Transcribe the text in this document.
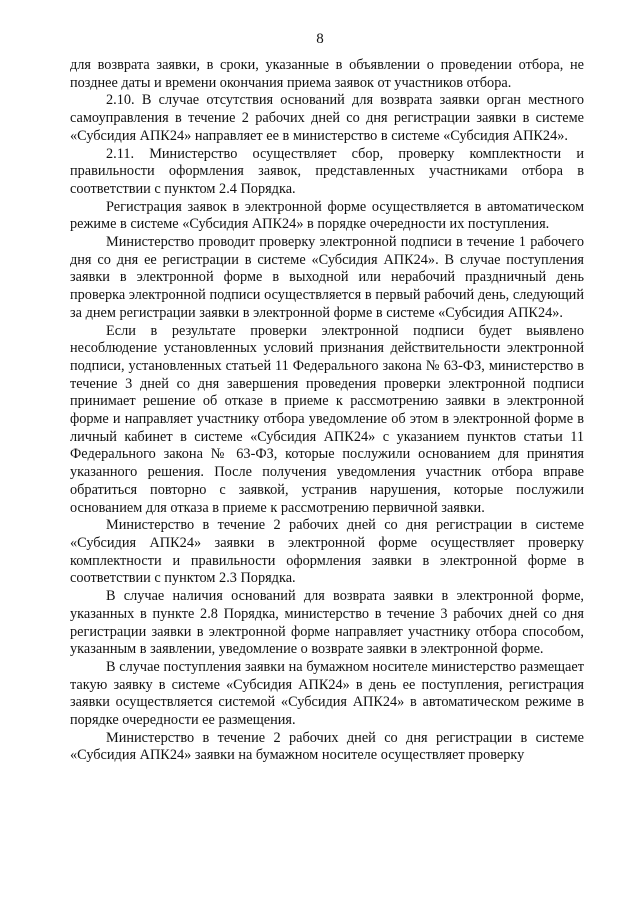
8

для возврата заявки, в сроки, указанные в объявлении о проведении отбора, не позднее даты и времени окончания приема заявок от участников отбора.

2.10. В случае отсутствия оснований для возврата заявки орган местного самоуправления в течение 2 рабочих дней со дня регистрации заявки в системе «Субсидия АПК24» направляет ее в министерство в системе «Субсидия АПК24».

2.11. Министерство осуществляет сбор, проверку комплектности и правильности оформления заявок, представленных участниками отбора в соответствии с пунктом 2.4 Порядка.

Регистрация заявок в электронной форме осуществляется в автоматическом режиме в системе «Субсидия АПК24» в порядке очередности их поступления.

Министерство проводит проверку электронной подписи в течение 1 рабочего дня со дня ее регистрации в системе «Субсидия АПК24». В случае поступления заявки в электронной форме в выходной или нерабочий праздничный день проверка электронной подписи осуществляется в первый рабочий день, следующий за днем регистрации заявки в электронной форме в системе «Субсидия АПК24».

Если в результате проверки электронной подписи будет выявлено несоблюдение установленных условий признания действительности электронной подписи, установленных статьей 11 Федерального закона № 63-ФЗ, министерство в течение 3 дней со дня завершения проведения проверки электронной подписи принимает решение об отказе в приеме к рассмотрению заявки в электронной форме и направляет участнику отбора уведомление об этом в электронной форме в личный кабинет в системе «Субсидия АПК24» с указанием пунктов статьи 11 Федерального закона № 63-ФЗ, которые послужили основанием для принятия указанного решения. После получения уведомления участник отбора вправе обратиться повторно с заявкой, устранив нарушения, которые послужили основанием для отказа в приеме к рассмотрению первичной заявки.

Министерство в течение 2 рабочих дней со дня регистрации в системе «Субсидия АПК24» заявки в электронной форме осуществляет проверку комплектности и правильности оформления заявки в электронной форме в соответствии с пунктом 2.3 Порядка.

В случае наличия оснований для возврата заявки в электронной форме, указанных в пункте 2.8 Порядка, министерство в течение 3 рабочих дней со дня регистрации заявки в электронной форме направляет участнику отбора способом, указанным в заявлении, уведомление о возврате заявки в электронной форме.

В случае поступления заявки на бумажном носителе министерство размещает такую заявку в системе «Субсидия АПК24» в день ее поступления, регистрация заявки осуществляется системой «Субсидия АПК24» в автоматическом режиме в порядке очередности ее размещения.

Министерство в течение 2 рабочих дней со дня регистрации в системе «Субсидия АПК24» заявки на бумажном носителе осуществляет проверку
